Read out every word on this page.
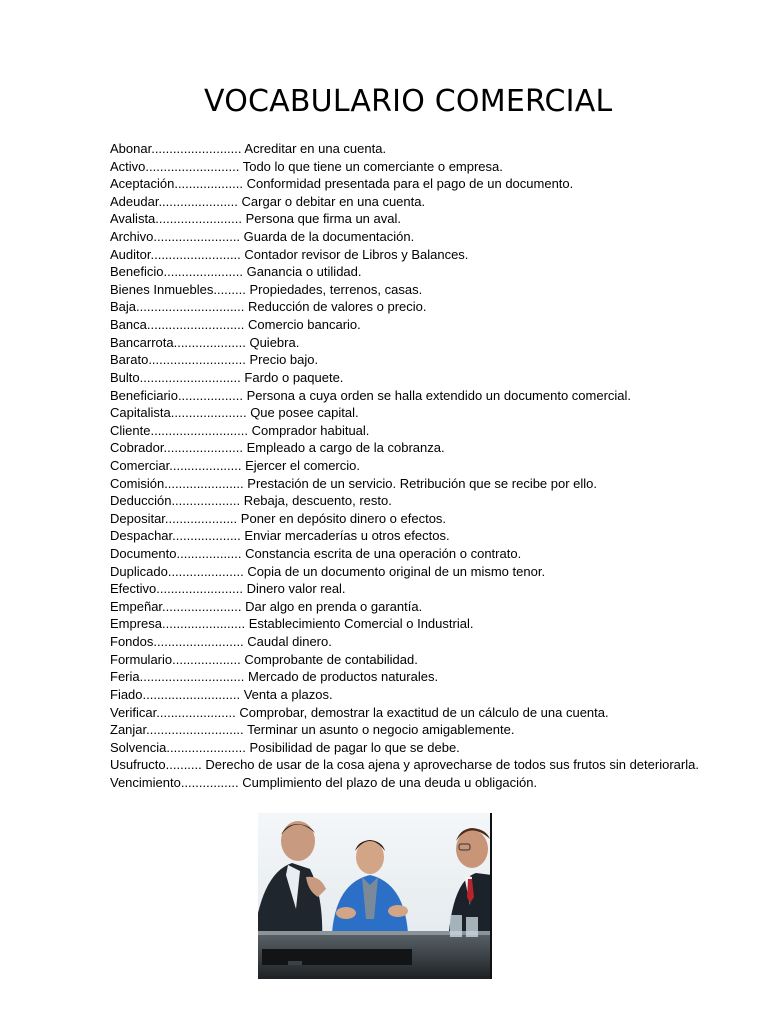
VOCABULARIO COMERCIAL
Abonar......................... Acreditar en una cuenta.
Activo.......................... Todo lo que tiene un comerciante o empresa.
Aceptación................... Conformidad presentada para el pago de un documento.
Adeudar...................... Cargar o debitar en una cuenta.
Avalista........................ Persona que firma un aval.
Archivo........................ Guarda de la documentación.
Auditor......................... Contador revisor de Libros y Balances.
Beneficio...................... Ganancia o utilidad.
Bienes Inmuebles......... Propiedades, terrenos, casas.
Baja.............................. Reducción de valores o precio.
Banca........................... Comercio bancario.
Bancarrota.................... Quiebra.
Barato........................... Precio bajo.
Bulto............................ Fardo o paquete.
Beneficiario.................. Persona a cuya orden se halla extendido un documento comercial.
Capitalista..................... Que posee capital.
Cliente........................... Comprador habitual.
Cobrador...................... Empleado a cargo de la cobranza.
Comerciar.................... Ejercer el comercio.
Comisión...................... Prestación de un servicio. Retribución que se recibe por ello.
Deducción................... Rebaja, descuento, resto.
Depositar.................... Poner en depósito dinero o efectos.
Despachar................... Enviar mercaderías u otros efectos.
Documento.................. Constancia escrita de una operación o contrato.
Duplicado..................... Copia de un documento original de un mismo tenor.
Efectivo........................ Dinero valor real.
Empeñar...................... Dar algo en prenda o garantía.
Empresa....................... Establecimiento Comercial o Industrial.
Fondos......................... Caudal dinero.
Formulario................... Comprobante de contabilidad.
Feria............................. Mercado de productos naturales.
Fiado........................... Venta a plazos.
Verificar...................... Comprobar, demostrar la exactitud de un cálculo de una cuenta.
Zanjar........................... Terminar un asunto o negocio amigablemente.
Solvencia...................... Posibilidad de pagar lo que se debe.
Usufructo.......... Derecho de usar de la cosa ajena y aprovecharse de todos sus frutos sin deteriorarla.
Vencimiento................ Cumplimiento del plazo de una deuda u obligación.
